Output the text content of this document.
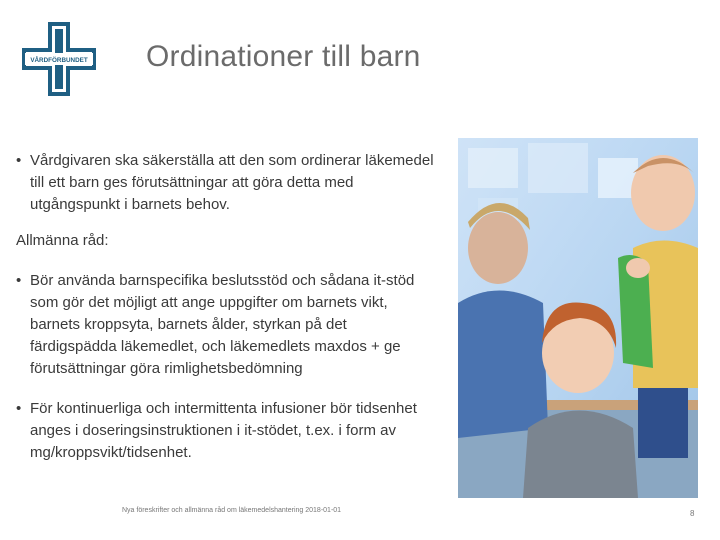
VÅRDFÖRBUNDET Ordinationer till barn
• Vårdgivaren ska säkerställa att den som ordinerar läkemedel till ett barn ges förutsättningar att göra detta med utgångspunkt i barnets behov.

Allmänna råd:

• Bör använda barnspecifika beslutsstöd och sådana it-stöd som gör det möjligt att ange uppgifter om barnets vikt, barnets kroppsyta, barnets ålder, styrkan på det färdigspädda läkemedlet, och läkemedlets maxdos + ge förutsättningar göra rimlighetsbedömning
• För kontinuerliga och intermittenta infusioner bör tidsenhet anges i doseringsinstruktionen i it-stödet, t.ex. i form av mg/kroppsvikt/tidsenhet.
Nya föreskrifter och allmänna råd om läkemedelshantering 2018-01-01	8
